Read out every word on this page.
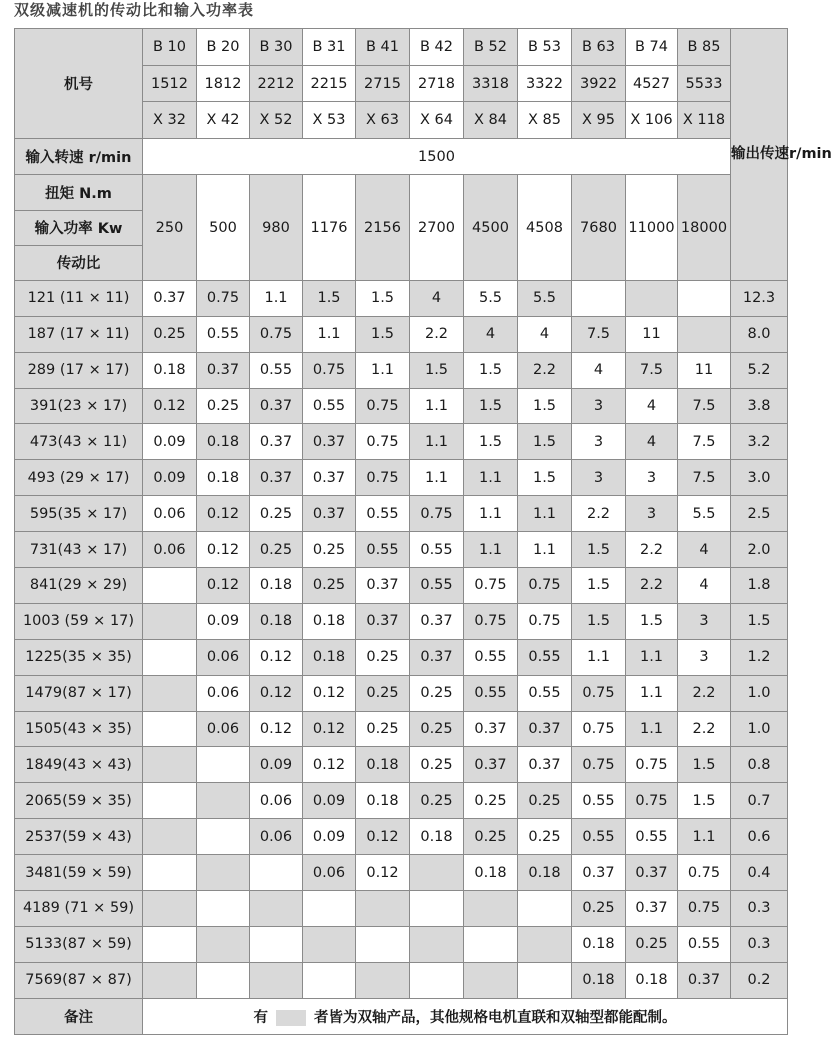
双级减速机的传动比和输入功率表
机号	B 10	B 20	B 30	B 31	B 41	B 42	B 52	B 53	B 63	B 74	B 85	输出传速r/min
	1512	1812	2212	2215	2715	2718	3318	3322	3922	4527	5533	
	X 32	X 42	X 52	X 53	X 63	X 64	X 84	X 85	X 95	X 106	X 118	
输入转速 r/min	1500											
扭矩 N.m	250	500	980	1176	2156	2700	4500	4508	7680	11000	18000	
输入功率 Kw												
传动比												
121 (11 × 11)	0.37	0.75	1.1	1.5	1.5	4	5.5	5.5				12.3
187 (17 × 11)	0.25	0.55	0.75	1.1	1.5	2.2	4	4	7.5	11		8.0
289 (17 × 17)	0.18	0.37	0.55	0.75	1.1	1.5	1.5	2.2	4	7.5	11	5.2
391(23 × 17)	0.12	0.25	0.37	0.55	0.75	1.1	1.5	1.5	3	4	7.5	3.8
473(43 × 11)	0.09	0.18	0.37	0.37	0.75	1.1	1.5	1.5	3	4	7.5	3.2
493 (29 × 17)	0.09	0.18	0.37	0.37	0.75	1.1	1.1	1.5	3	3	7.5	3.0
595(35 × 17)	0.06	0.12	0.25	0.37	0.55	0.75	1.1	1.1	2.2	3	5.5	2.5
731(43 × 17)	0.06	0.12	0.25	0.25	0.55	0.55	1.1	1.1	1.5	2.2	4	2.0
841(29 × 29)		0.12	0.18	0.25	0.37	0.55	0.75	0.75	1.5	2.2	4	1.8
1003 (59 × 17)		0.09	0.18	0.18	0.37	0.37	0.75	0.75	1.5	1.5	3	1.5
1225(35 × 35)		0.06	0.12	0.18	0.25	0.37	0.55	0.55	1.1	1.1	3	1.2
1479(87 × 17)		0.06	0.12	0.12	0.25	0.25	0.55	0.55	0.75	1.1	2.2	1.0
1505(43 × 35)		0.06	0.12	0.12	0.25	0.25	0.37	0.37	0.75	1.1	2.2	1.0
1849(43 × 43)			0.09	0.12	0.18	0.25	0.37	0.37	0.75	0.75	1.5	0.8
2065(59 × 35)			0.06	0.09	0.18	0.25	0.25	0.25	0.55	0.75	1.5	0.7
2537(59 × 43)			0.06	0.09	0.12	0.18	0.25	0.25	0.55	0.55	1.1	0.6
3481(59 × 59)				0.06	0.12		0.18	0.18	0.37	0.37	0.75	0.4
4189 (71 × 59)									0.25	0.37	0.75	0.3
5133(87 × 59)									0.18	0.25	0.55	0.3
7569(87 × 87)									0.18	0.18	0.37	0.2
备注	有 者皆为双轴产品，其他规格电机直联和双轴型都能配制。											
